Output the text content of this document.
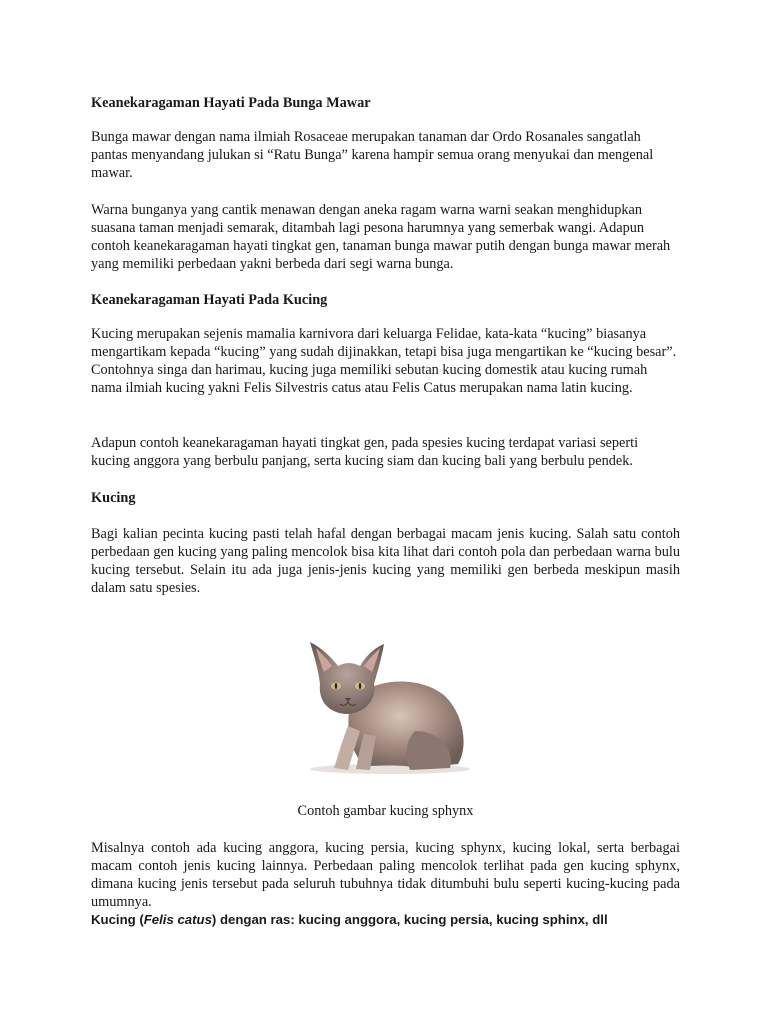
Keanekaragaman Hayati Pada Bunga Mawar

Bunga mawar dengan nama ilmiah Rosaceae merupakan tanaman dar Ordo Rosanales sangatlah pantas menyandang julukan si “Ratu Bunga” karena hampir semua orang menyukai dan mengenal mawar.

Warna bunganya yang cantik menawan dengan aneka ragam warna warni seakan menghidupkan suasana taman menjadi semarak, ditambah lagi pesona harumnya yang semerbak wangi. Adapun contoh keanekaragaman hayati tingkat gen, tanaman bunga mawar putih dengan bunga mawar merah yang memiliki perbedaan yakni berbeda dari segi warna bunga.

Keanekaragaman Hayati Pada Kucing

Kucing merupakan sejenis mamalia karnivora dari keluarga Felidae, kata-kata “kucing” biasanya mengartikam kepada “kucing” yang sudah dijinakkan, tetapi bisa juga mengartikan ke “kucing besar”. Contohnya singa dan harimau, kucing juga memiliki sebutan kucing domestik atau kucing rumah nama ilmiah kucing yakni Felis Silvestris catus atau Felis Catus merupakan nama latin kucing.

Adapun contoh keanekaragaman hayati tingkat gen, pada spesies kucing terdapat variasi seperti kucing anggora yang berbulu panjang, serta kucing siam dan kucing bali yang berbulu pendek.

Kucing

Bagi kalian pecinta kucing pasti telah hafal dengan berbagai macam jenis kucing. Salah satu contoh perbedaan gen kucing yang paling mencolok bisa kita lihat dari contoh pola dan perbedaan warna bulu kucing tersebut. Selain itu ada juga jenis-jenis kucing yang memiliki gen berbeda meskipun masih dalam satu spesies.

Contoh gambar kucing sphynx

Misalnya contoh ada kucing anggora, kucing persia, kucing sphynx, kucing lokal, serta berbagai macam contoh jenis kucing lainnya. Perbedaan paling mencolok terlihat pada gen kucing sphynx, dimana kucing jenis tersebut pada seluruh tubuhnya tidak ditumbuhi bulu seperti kucing-kucing pada umumnya.

Kucing (Felis catus) dengan ras: kucing anggora, kucing persia, kucing sphinx, dll
